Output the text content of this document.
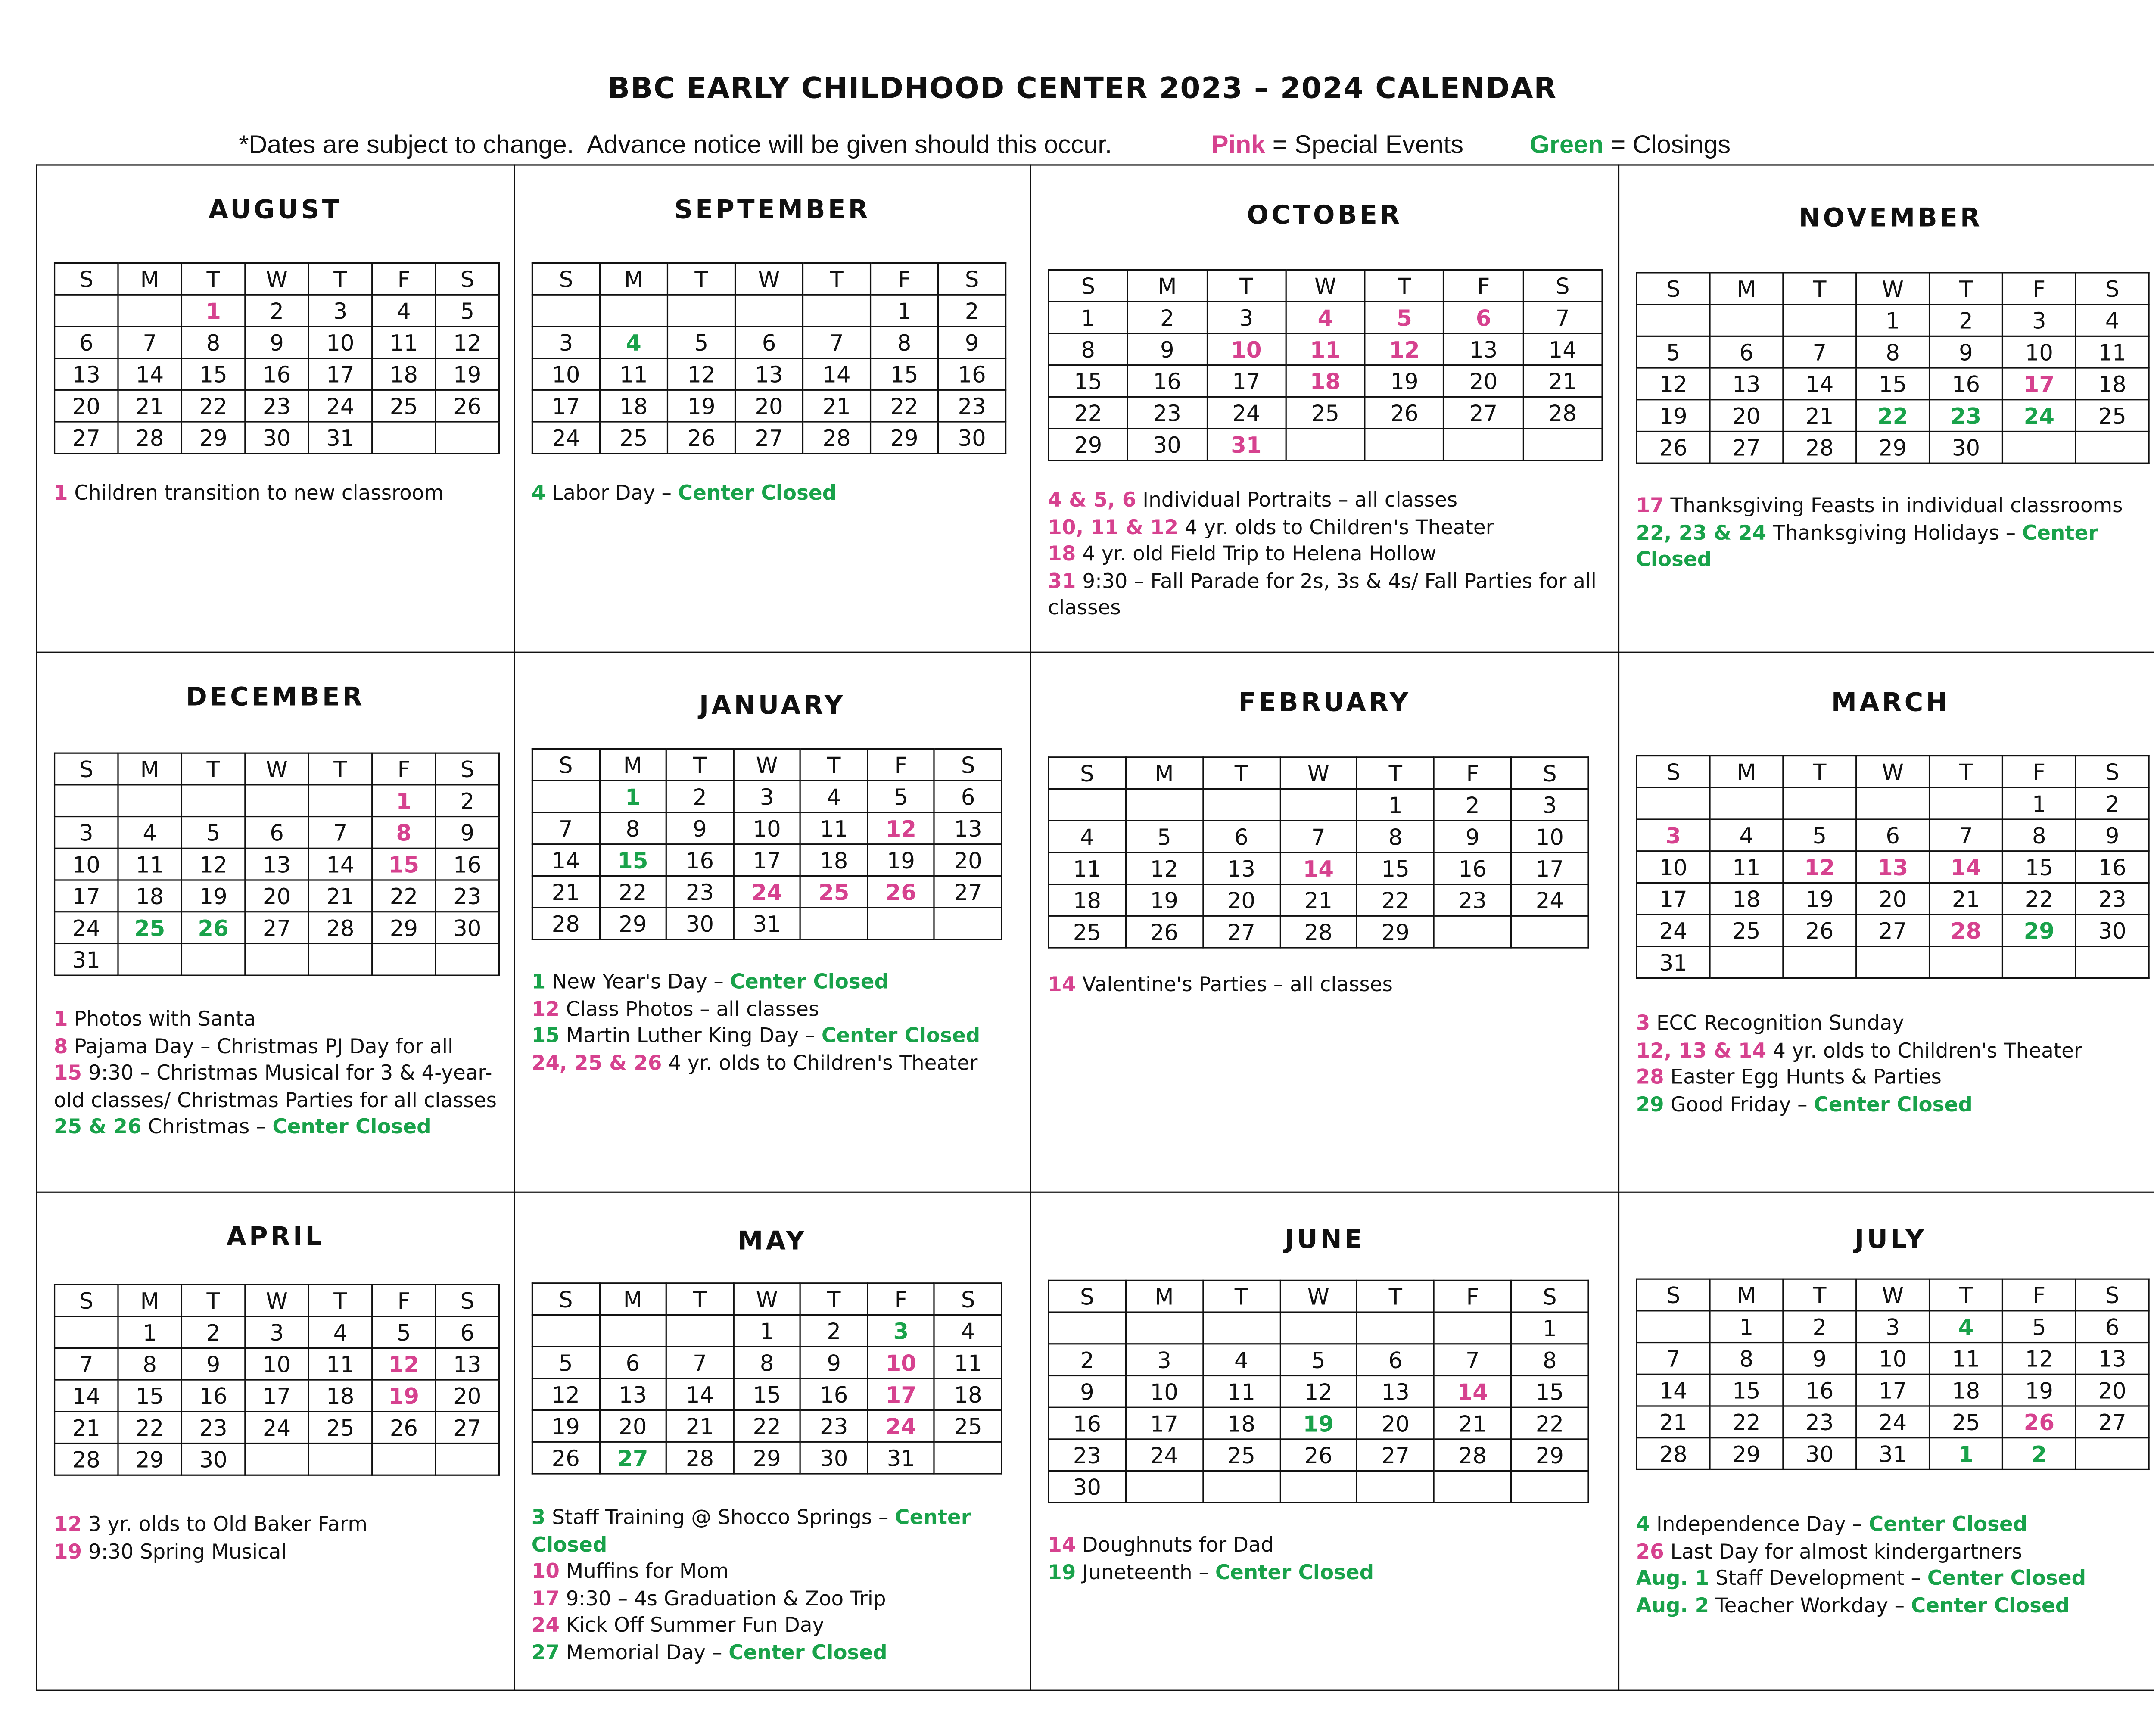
BBC EARLY CHILDHOOD CENTER 2023 – 2024 CALENDAR
*Dates are subject to change.  Advance notice will be given should this occur.	Pink = Special Events	Green = Closings
AUGUST
S	M	T	W	T	F	S
		1	2	3	4	5
6	7	8	9	10	11	12
13	14	15	16	17	18	19
20	21	22	23	24	25	26
27	28	29	30	31		
1 Children transition to new classroom
SEPTEMBER
S	M	T	W	T	F	S
					1	2
3	4	5	6	7	8	9
10	11	12	13	14	15	16
17	18	19	20	21	22	23
24	25	26	27	28	29	30
4 Labor Day – Center Closed
OCTOBER
S	M	T	W	T	F	S
1	2	3	4	5	6	7
8	9	10	11	12	13	14
15	16	17	18	19	20	21
22	23	24	25	26	27	28
29	30	31				
4 & 5, 6 Individual Portraits – all classes
10, 11 & 12 4 yr. olds to Children's Theater
18 4 yr. old Field Trip to Helena Hollow
31 9:30 – Fall Parade for 2s, 3s & 4s/ Fall Parties for all classes
NOVEMBER
S	M	T	W	T	F	S
			1	2	3	4
5	6	7	8	9	10	11
12	13	14	15	16	17	18
19	20	21	22	23	24	25
26	27	28	29	30		
17 Thanksgiving Feasts in individual classrooms
22, 23 & 24 Thanksgiving Holidays – Center Closed
DECEMBER
S	M	T	W	T	F	S
					1	2
3	4	5	6	7	8	9
10	11	12	13	14	15	16
17	18	19	20	21	22	23
24	25	26	27	28	29	30
31						
1 Photos with Santa
8 Pajama Day – Christmas PJ Day for all
15 9:30 – Christmas Musical for 3 & 4-year- old classes/ Christmas Parties for all classes
25 & 26 Christmas – Center Closed
JANUARY
S	M	T	W	T	F	S
	1	2	3	4	5	6
7	8	9	10	11	12	13
14	15	16	17	18	19	20
21	22	23	24	25	26	27
28	29	30	31			
1 New Year's Day – Center Closed
12 Class Photos – all classes
15 Martin Luther King Day – Center Closed
24, 25 & 26 4 yr. olds to Children's Theater
FEBRUARY
S	M	T	W	T	F	S
				1	2	3
4	5	6	7	8	9	10
11	12	13	14	15	16	17
18	19	20	21	22	23	24
25	26	27	28	29		
14 Valentine's Parties – all classes
MARCH
S	M	T	W	T	F	S
					1	2
3	4	5	6	7	8	9
10	11	12	13	14	15	16
17	18	19	20	21	22	23
24	25	26	27	28	29	30
31						
3 ECC Recognition Sunday
12, 13 & 14 4 yr. olds to Children's Theater
28 Easter Egg Hunts & Parties
29 Good Friday – Center Closed
APRIL
S	M	T	W	T	F	S
	1	2	3	4	5	6
7	8	9	10	11	12	13
14	15	16	17	18	19	20
21	22	23	24	25	26	27
28	29	30				
12 3 yr. olds to Old Baker Farm
19 9:30 Spring Musical
MAY
S	M	T	W	T	F	S
			1	2	3	4
5	6	7	8	9	10	11
12	13	14	15	16	17	18
19	20	21	22	23	24	25
26	27	28	29	30	31	
3 Staff Training @ Shocco Springs – Center Closed
10 Muffins for Mom
17 9:30 – 4s Graduation & Zoo Trip
24 Kick Off Summer Fun Day
27 Memorial Day – Center Closed
JUNE
S	M	T	W	T	F	S
						1
2	3	4	5	6	7	8
9	10	11	12	13	14	15
16	17	18	19	20	21	22
23	24	25	26	27	28	29
30						
14 Doughnuts for Dad
19 Juneteenth – Center Closed
JULY
S	M	T	W	T	F	S
	1	2	3	4	5	6
7	8	9	10	11	12	13
14	15	16	17	18	19	20
21	22	23	24	25	26	27
28	29	30	31	1	2	
4 Independence Day – Center Closed
26 Last Day for almost kindergartners
Aug. 1 Staff Development – Center Closed
Aug. 2 Teacher Workday – Center Closed
